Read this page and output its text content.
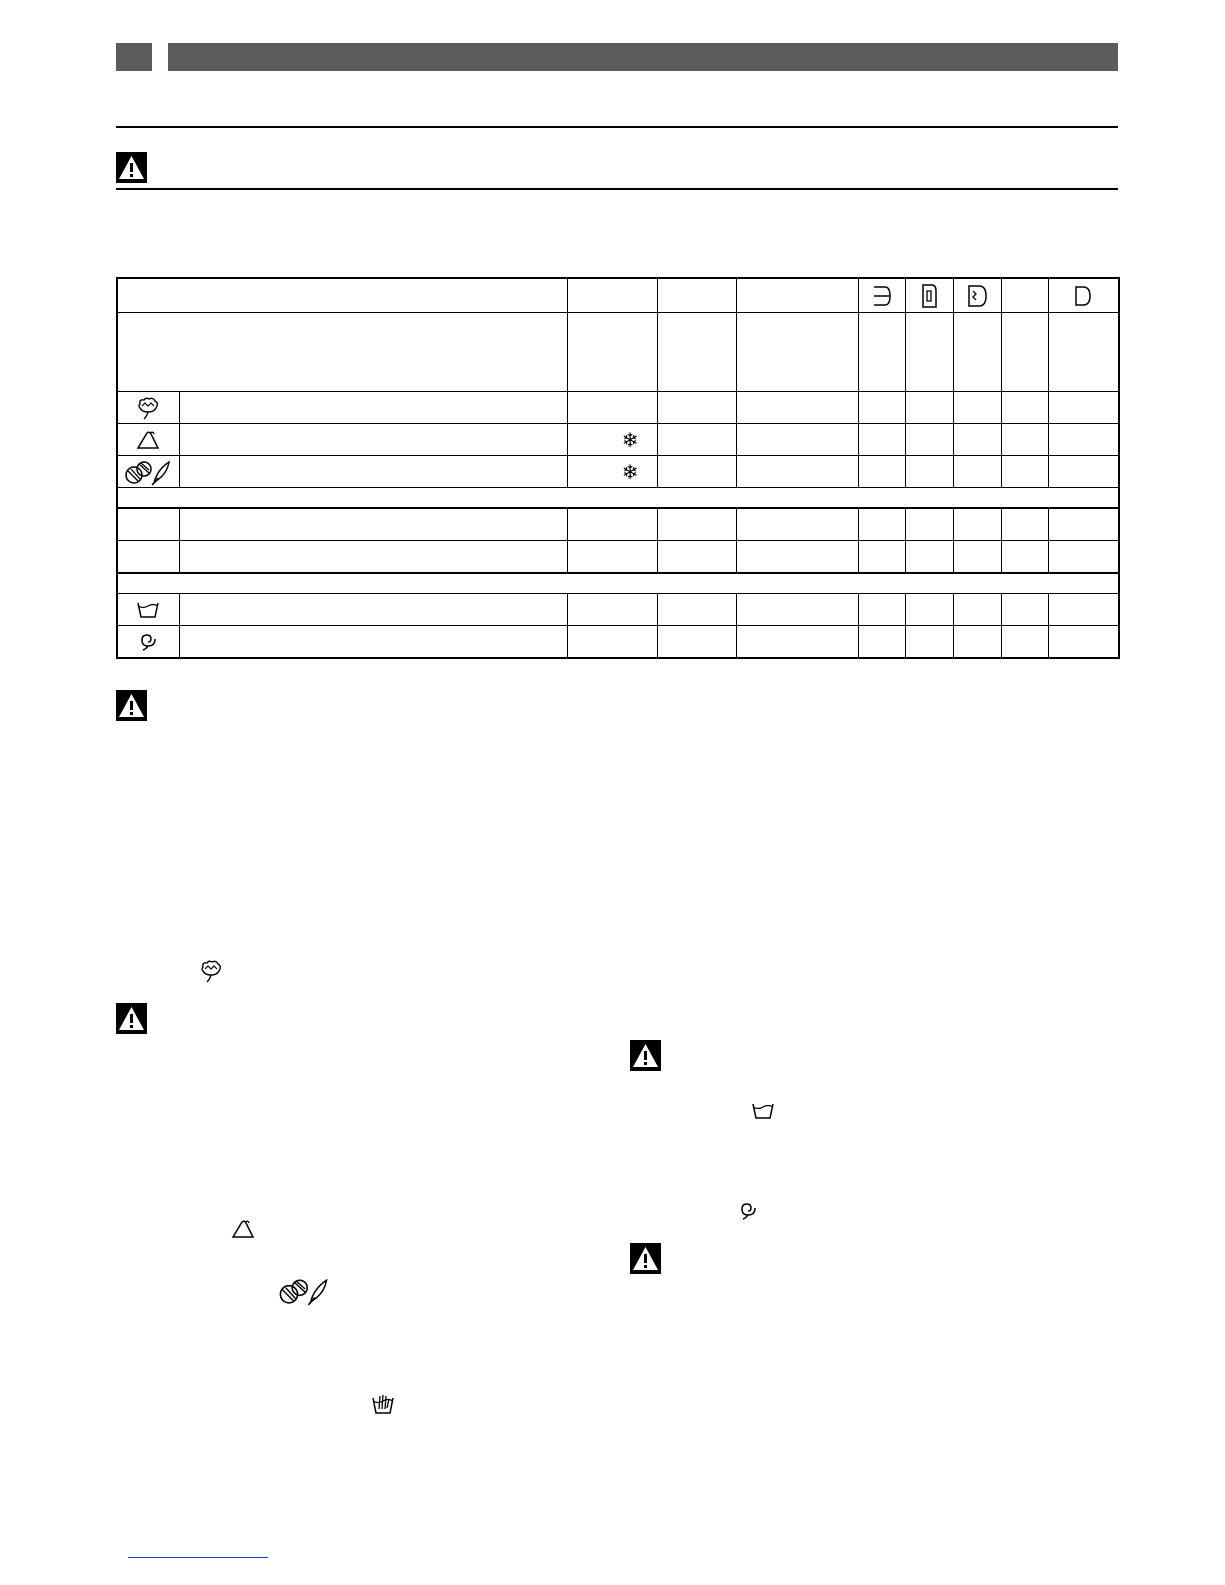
		❄							

		❄							
